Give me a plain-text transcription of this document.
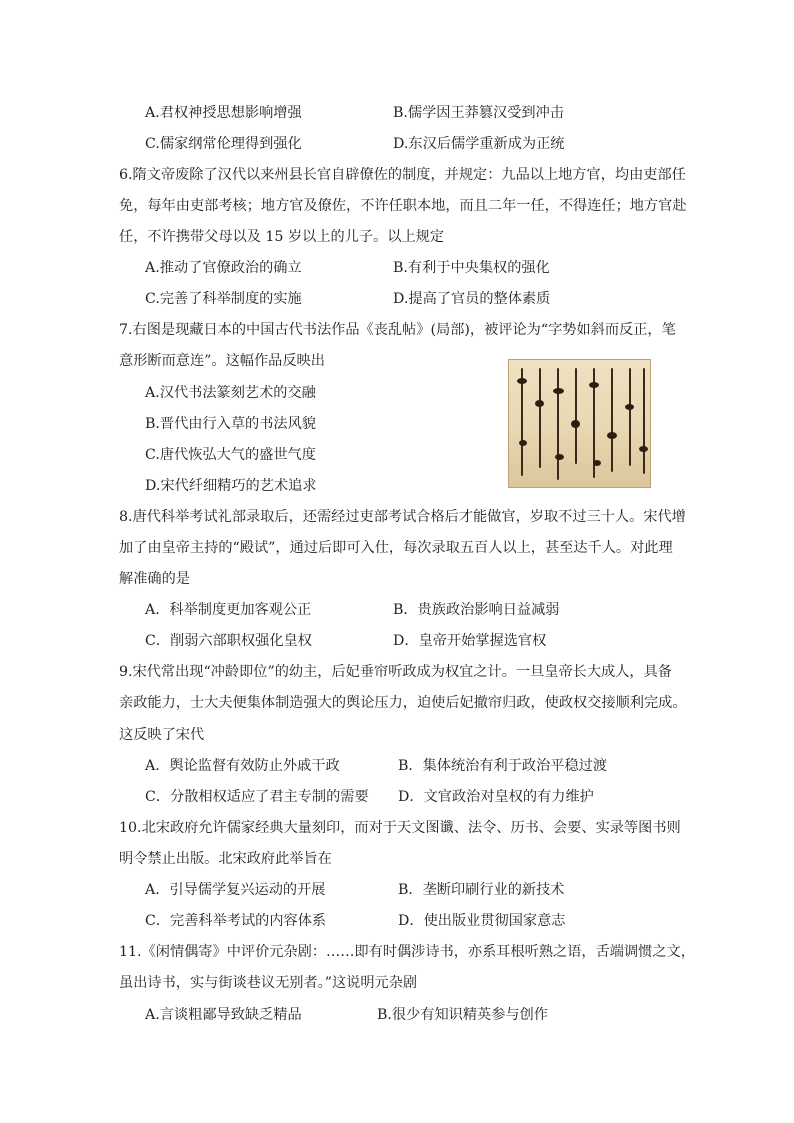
A.君权神授思想影响增强	B.儒学因王莽篡汉受到冲击
C.儒家纲常伦理得到强化	D.东汉后儒学重新成为正统
6.隋文帝废除了汉代以来州县长官自辟僚佐的制度，并规定：九品以上地方官，均由吏部任
免，每年由吏部考核；地方官及僚佐，不许任职本地，而且二年一任，不得连任；地方官赴
任，不许携带父母以及 15 岁以上的儿子。以上规定
A.推动了官僚政治的确立	B.有利于中央集权的强化
C.完善了科举制度的实施	D.提高了官员的整体素质
7.右图是现藏日本的中国古代书法作品《丧乱帖》(局部)，被评论为“字势如斜而反正，笔
意形断而意连”。这幅作品反映出
A.汉代书法篆刻艺术的交融
B.晋代由行入草的书法风貌
C.唐代恢弘大气的盛世气度
D.宋代纤细精巧的艺术追求
8.唐代科举考试礼部录取后，还需经过吏部考试合格后才能做官，岁取不过三十人。宋代增
加了由皇帝主持的“殿试”，通过后即可入仕，每次录取五百人以上，甚至达千人。对此理
解准确的是
A．科举制度更加客观公正	B．贵族政治影响日益减弱
C．削弱六部职权强化皇权	D．皇帝开始掌握选官权
9.宋代常出现“冲龄即位”的幼主，后妃垂帘听政成为权宜之计。一旦皇帝长大成人，具备
亲政能力，士大夫便集体制造强大的舆论压力，迫使后妃撤帘归政，使政权交接顺利完成。
这反映了宋代
A．舆论监督有效防止外戚干政	B．集体统治有利于政治平稳过渡
C．分散相权适应了君主专制的需要 D．文官政治对皇权的有力维护
10.北宋政府允许儒家经典大量刻印，而对于天文图谶、法令、历书、会要、实录等图书则
明令禁止出版。北宋政府此举旨在
A．引导儒学复兴运动的开展	B．垄断印刷行业的新技术
C．完善科举考试的内容体系	D．使出版业贯彻国家意志
11.《闲情偶寄》中评价元杂剧：……即有时偶涉诗书，亦系耳根听熟之语，舌端调惯之文，
虽出诗书，实与街谈巷议无别者。”这说明元杂剧
A.言谈粗鄙导致缺乏精品	B.很少有知识精英参与创作
